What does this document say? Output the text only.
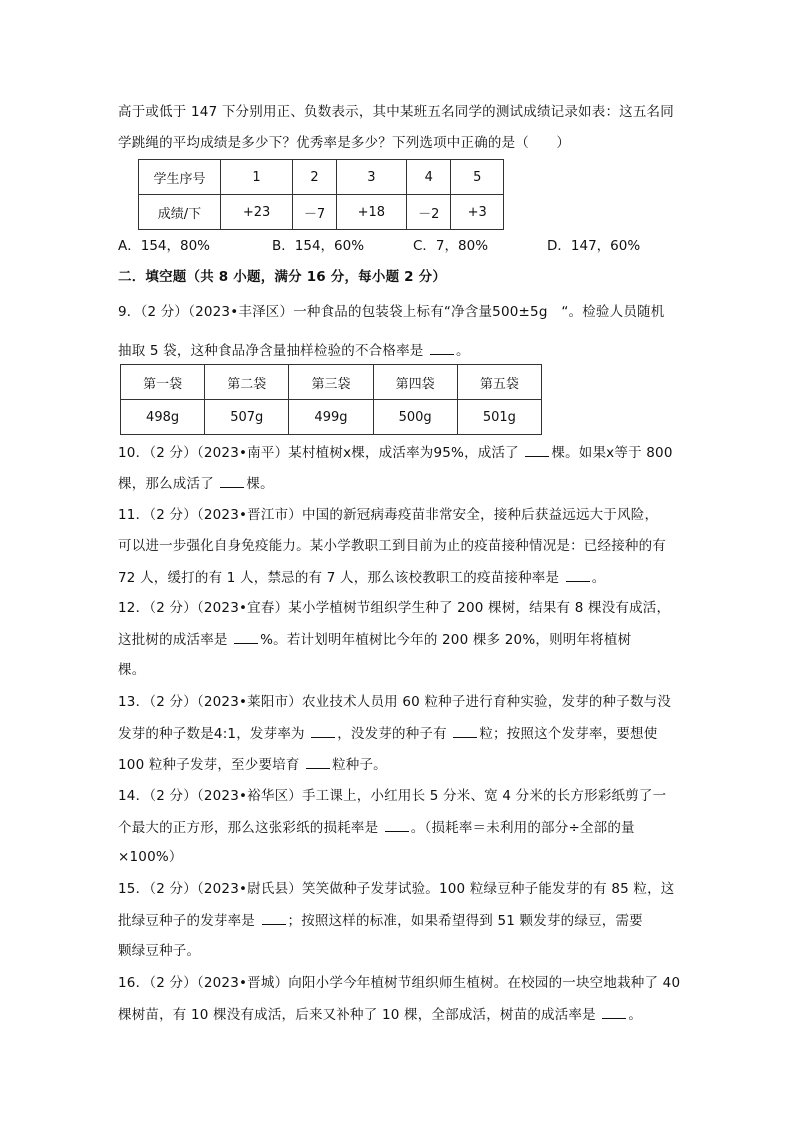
高于或低于 147 下分别用正、负数表示，其中某班五名同学的测试成绩记录如表：这五名同
学跳绳的平均成绩是多少下？优秀率是多少？下列选项中正确的是（　　）
学生序号	1	2	3	4	5
成绩/下	+23	－7	+18	－2	+3
A．154，80%	B．154，60%	C．7，80%	D．147，60%
二．填空题（共 8 小题，满分 16 分，每小题 2 分）
9．（2 分）（2023•丰泽区）一种食品的包装袋上标有“净含量500±5g　“。检验人员随机
抽取 5 袋，这种食品净含量抽样检验的不合格率是 。
第一袋	第二袋	第三袋	第四袋	第五袋
498g	507g	499g	500g	501g
10．（2 分）（2023•南平）某村植树x棵，成活率为95%，成活了 棵。如果x等于 800
棵，那么成活了 棵。
11．（2 分）（2023•晋江市）中国的新冠病毒疫苗非常安全，接种后获益远远大于风险，
可以进一步强化自身免疫能力。某小学教职工到目前为止的疫苗接种情况是：已经接种的有
72 人，缓打的有 1 人，禁忌的有 7 人，那么该校教职工的疫苗接种率是 。
12．（2 分）（2023•宜春）某小学植树节组织学生种了 200 棵树，结果有 8 棵没有成活，
这批树的成活率是 %。若计划明年植树比今年的 200 棵多 20%，则明年将植树
棵。
13．（2 分）（2023•莱阳市）农业技术人员用 60 粒种子进行育种实验，发芽的种子数与没
发芽的种子数是4:1，发芽率为 ，没发芽的种子有 粒；按照这个发芽率，要想使
100 粒种子发芽，至少要培育 粒种子。
14．（2 分）（2023•裕华区）手工课上，小红用长 5 分米、宽 4 分米的长方形彩纸剪了一
个最大的正方形，那么这张彩纸的损耗率是 。（损耗率＝未利用的部分÷全部的量
×100%）
15．（2 分）（2023•尉氏县）笑笑做种子发芽试验。100 粒绿豆种子能发芽的有 85 粒，这
批绿豆种子的发芽率是 ；按照这样的标准，如果希望得到 51 颗发芽的绿豆，需要
颗绿豆种子。
16．（2 分）（2023•晋城）向阳小学今年植树节组织师生植树。在校园的一块空地栽种了 40
棵树苗，有 10 棵没有成活，后来又补种了 10 棵，全部成活，树苗的成活率是 。
